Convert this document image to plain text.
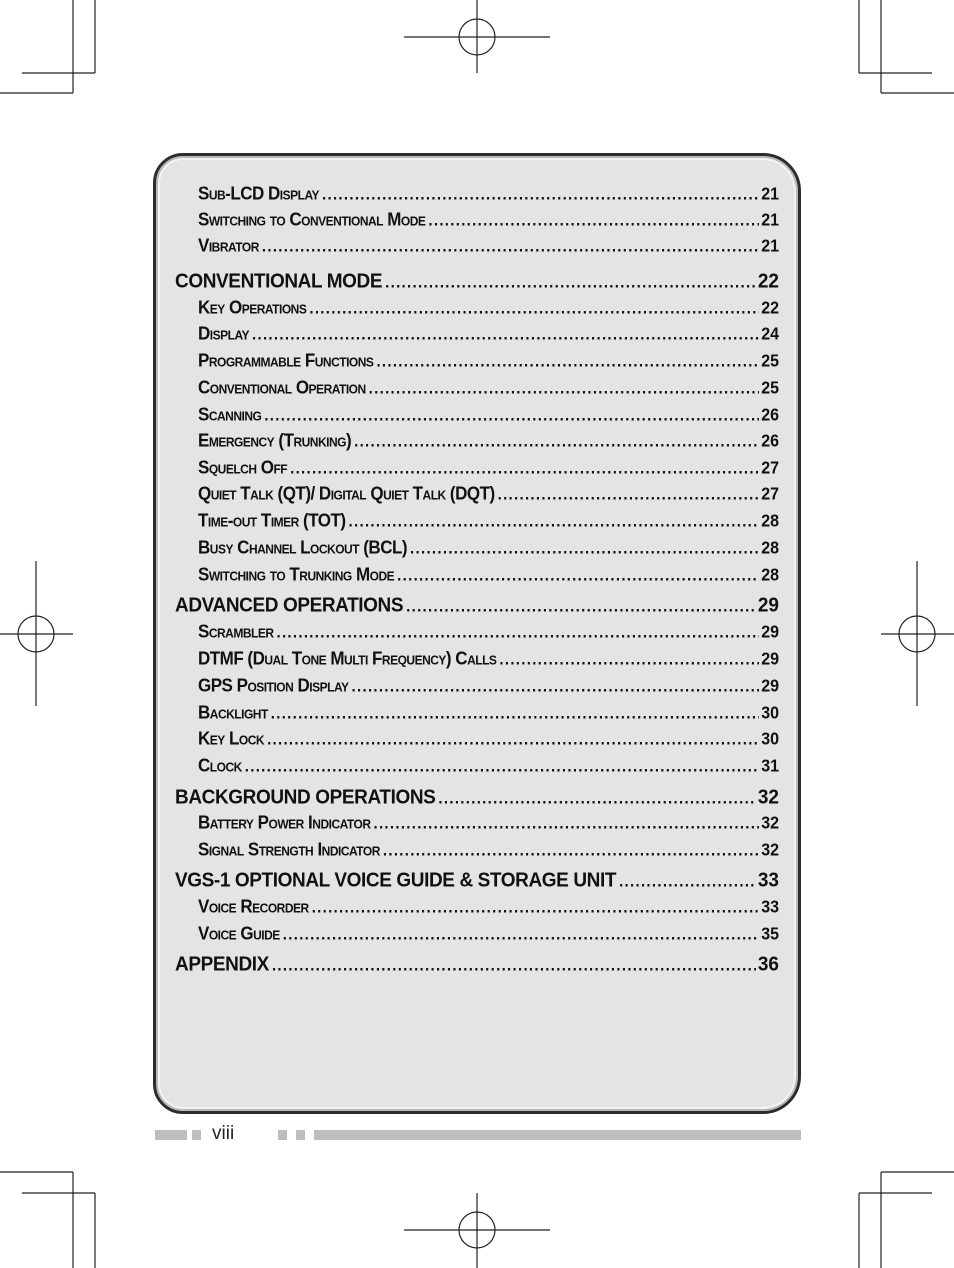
Sub-LCD Display .....	21
Switching to Conventional Mode .....	21
Vibrator .....	21
CONVENTIONAL MODE .....	22
Key Operations .....	22
Display .....	24
Programmable Functions .....	25
Conventional Operation .....	25
Scanning .....	26
Emergency (Trunking) .....	26
Squelch Off .....	27
Quiet Talk (QT)/ Digital Quiet Talk (DQT) .....	27
Time-out Timer (TOT) .....	28
Busy Channel Lockout (BCL) .....	28
Switching to Trunking Mode .....	28
ADVANCED OPERATIONS .....	29
Scrambler .....	29
DTMF (Dual Tone Multi Frequency) Calls .....	29
GPS Position Display .....	29
Backlight .....	30
Key Lock .....	30
Clock .....	31
BACKGROUND OPERATIONS .....	32
Battery Power Indicator .....	32
Signal Strength Indicator .....	32
VGS-1 OPTIONAL VOICE GUIDE & STORAGE UNIT .....	33
Voice Recorder .....	33
Voice Guide .....	35
APPENDIX .....	36
viii
